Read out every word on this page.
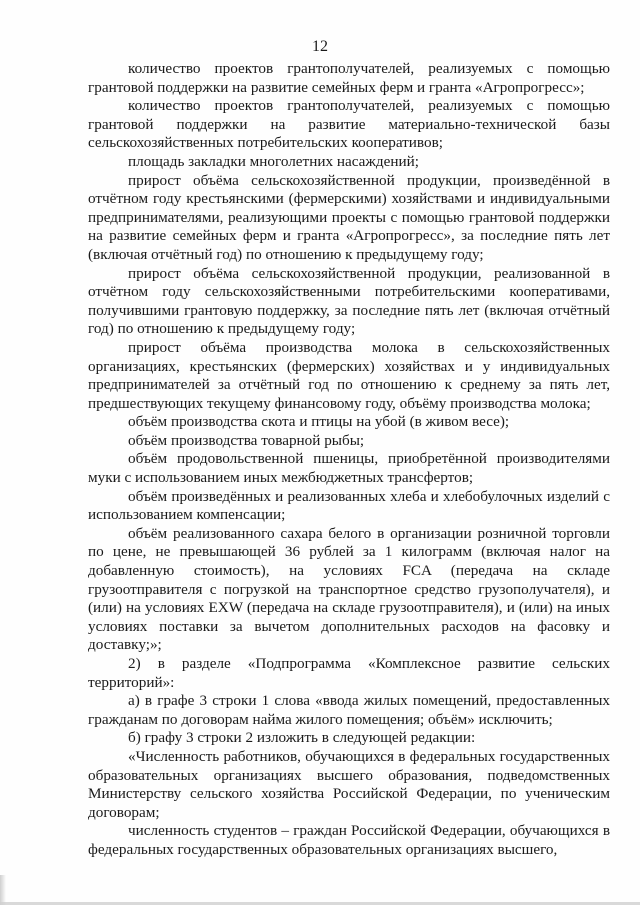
12

количество проектов грантополучателей, реализуемых с помощью грантовой поддержки на развитие семейных ферм и гранта «Агропрогресс»;

количество проектов грантополучателей, реализуемых с помощью грантовой поддержки на развитие материально-технической базы сельскохозяйственных потребительских кооперативов;

площадь закладки многолетних насаждений;

прирост объёма сельскохозяйственной продукции, произведённой в отчётном году крестьянскими (фермерскими) хозяйствами и индивидуальными предпринимателями, реализующими проекты с помощью грантовой поддержки на развитие семейных ферм и гранта «Агропрогресс», за последние пять лет (включая отчётный год) по отношению к предыдущему году;

прирост объёма сельскохозяйственной продукции, реализованной в отчётном году сельскохозяйственными потребительскими кооперативами, получившими грантовую поддержку, за последние пять лет (включая отчётный год) по отношению к предыдущему году;

прирост объёма производства молока в сельскохозяйственных организациях, крестьянских (фермерских) хозяйствах и у индивидуальных предпринимателей за отчётный год по отношению к среднему за пять лет, предшествующих текущему финансовому году, объёму производства молока;

объём производства скота и птицы на убой (в живом весе);

объём производства товарной рыбы;

объём продовольственной пшеницы, приобретённой производителями муки с использованием иных межбюджетных трансфертов;

объём произведённых и реализованных хлеба и хлебобулочных изделий с использованием компенсации;

объём реализованного сахара белого в организации розничной торговли по цене, не превышающей 36 рублей за 1 килограмм (включая налог на добавленную стоимость), на условиях FCA (передача на складе грузоотправителя с погрузкой на транспортное средство грузополучателя), и (или) на условиях EXW (передача на складе грузоотправителя), и (или) на иных условиях поставки за вычетом дополнительных расходов на фасовку и доставку;»;

2) в разделе «Подпрограмма «Комплексное развитие сельских территорий»:

а) в графе 3 строки 1 слова «ввода жилых помещений, предоставленных гражданам по договорам найма жилого помещения; объём» исключить;

б) графу 3 строки 2 изложить в следующей редакции:

«Численность работников, обучающихся в федеральных государственных образовательных организациях высшего образования, подведомственных Министерству сельского хозяйства Российской Федерации, по ученическим договорам;

численность студентов – граждан Российской Федерации, обучающихся в федеральных государственных образовательных организациях высшего,
